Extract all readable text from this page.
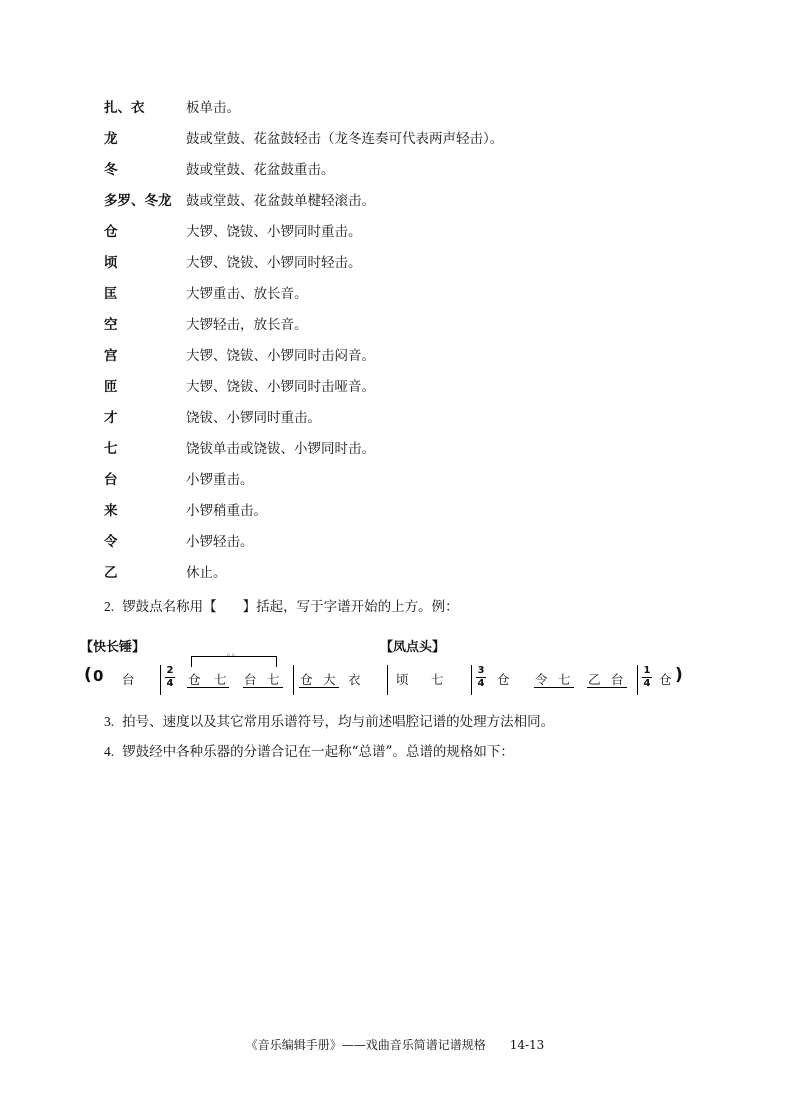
扎、衣	板单击。
龙	鼓或堂鼓、花盆鼓轻击（龙冬连奏可代表两声轻击）。
冬	鼓或堂鼓、花盆鼓重击。
多罗、冬龙	鼓或堂鼓、花盆鼓单楗轻滚击。
仓	大锣、饶钹、小锣同时重击。
顷	大锣、饶钹、小锣同时轻击。
匡	大锣重击、放长音。
空	大锣轻击，放长音。
宫	大锣、饶钹、小锣同时击闷音。
匝	大锣、饶钹、小锣同时击哑音。
才	饶钹、小锣同时重击。
七	饶钹单击或饶钹、小锣同时击。
台	小锣重击。
来	小锣稍重击。
令	小锣轻击。
乙	休止。
2. 锣鼓点名称用【 】括起，写于字谱开始的上方。例：
【快长锤】	【凤点头】
( 0 台
2
4
◦◦
仓 七 台 七 仓 大 衣	顷 七
3
4 仓 令 七 乙 台
1
4 仓 )
3. 拍号、速度以及其它常用乐谱符号，均与前述唱腔记谱的处理方法相同。
4. 锣鼓经中各种乐器的分谱合记在一起称“总谱”。总谱的规格如下：
《音乐编辑手册》——戏曲音乐简谱记谱规格　　14-13
